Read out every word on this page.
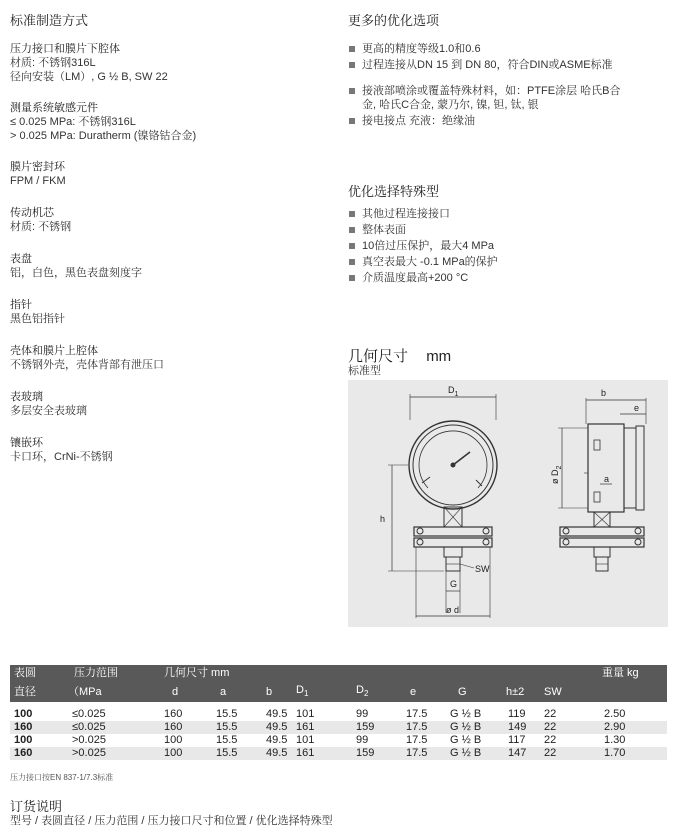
标准制造方式
压力接口和膜片下腔体
材质: 不锈钢316L
径向安装（LM）, G ½ B, SW 22
测量系统敏感元件
≤ 0.025 MPa: 不锈钢316L
> 0.025 MPa: Duratherm (镍铬钴合金)
膜片密封环
FPM / FKM
传动机芯
材质: 不锈钢
表盘
铝，白色，黑色表盘刻度字
指针
黑色铝指针
壳体和膜片上腔体
不锈钢外壳，壳体背部有泄压口
表玻璃
多层安全表玻璃
镶嵌环
卡口环，CrNi-不锈钢
更多的优化选项
更高的精度等级1.0和0.6
过程连接从DN 15 到 DN 80，符合DIN或ASME标准
接液部喷涂或覆盖特殊材料，如：PTFE涂层 哈氏B合金, 哈氏C合金, 蒙乃尔, 镍, 钽, 钛, 银
接电接点 充液：绝缘油
优化选择特殊型
其他过程连接接口
整体表面
10倍过压保护，最大4 MPa
真空表最大 -0.1 MPa的保护
介质温度最高+200 °C
几何尺寸 mm
标准型
$D_1$	b
e
h
a
SW
G
ø d
ø $D_2$
表圆	压力范围	几何尺寸 mm									重量 kg
直径	（MPa	d	a	b	$D_1$	$D_2$	e	G	h±2	SW	

100	≤0.025	160	15.5	49.5	101	99	17.5	G ½ B	119	22	2.50
160	≤0.025	160	15.5	49.5	161	159	17.5	G ½ B	149	22	2.90
100	>0.025	100	15.5	49.5	101	99	17.5	G ½ B	117	22	1.30
160	>0.025	100	15.5	49.5	161	159	17.5	G ½ B	147	22	1.70
压力接口按EN 837-1/7.3标准
订货说明
型号 / 表圆直径 / 压力范围 / 压力接口尺寸和位置 / 优化选择特殊型
